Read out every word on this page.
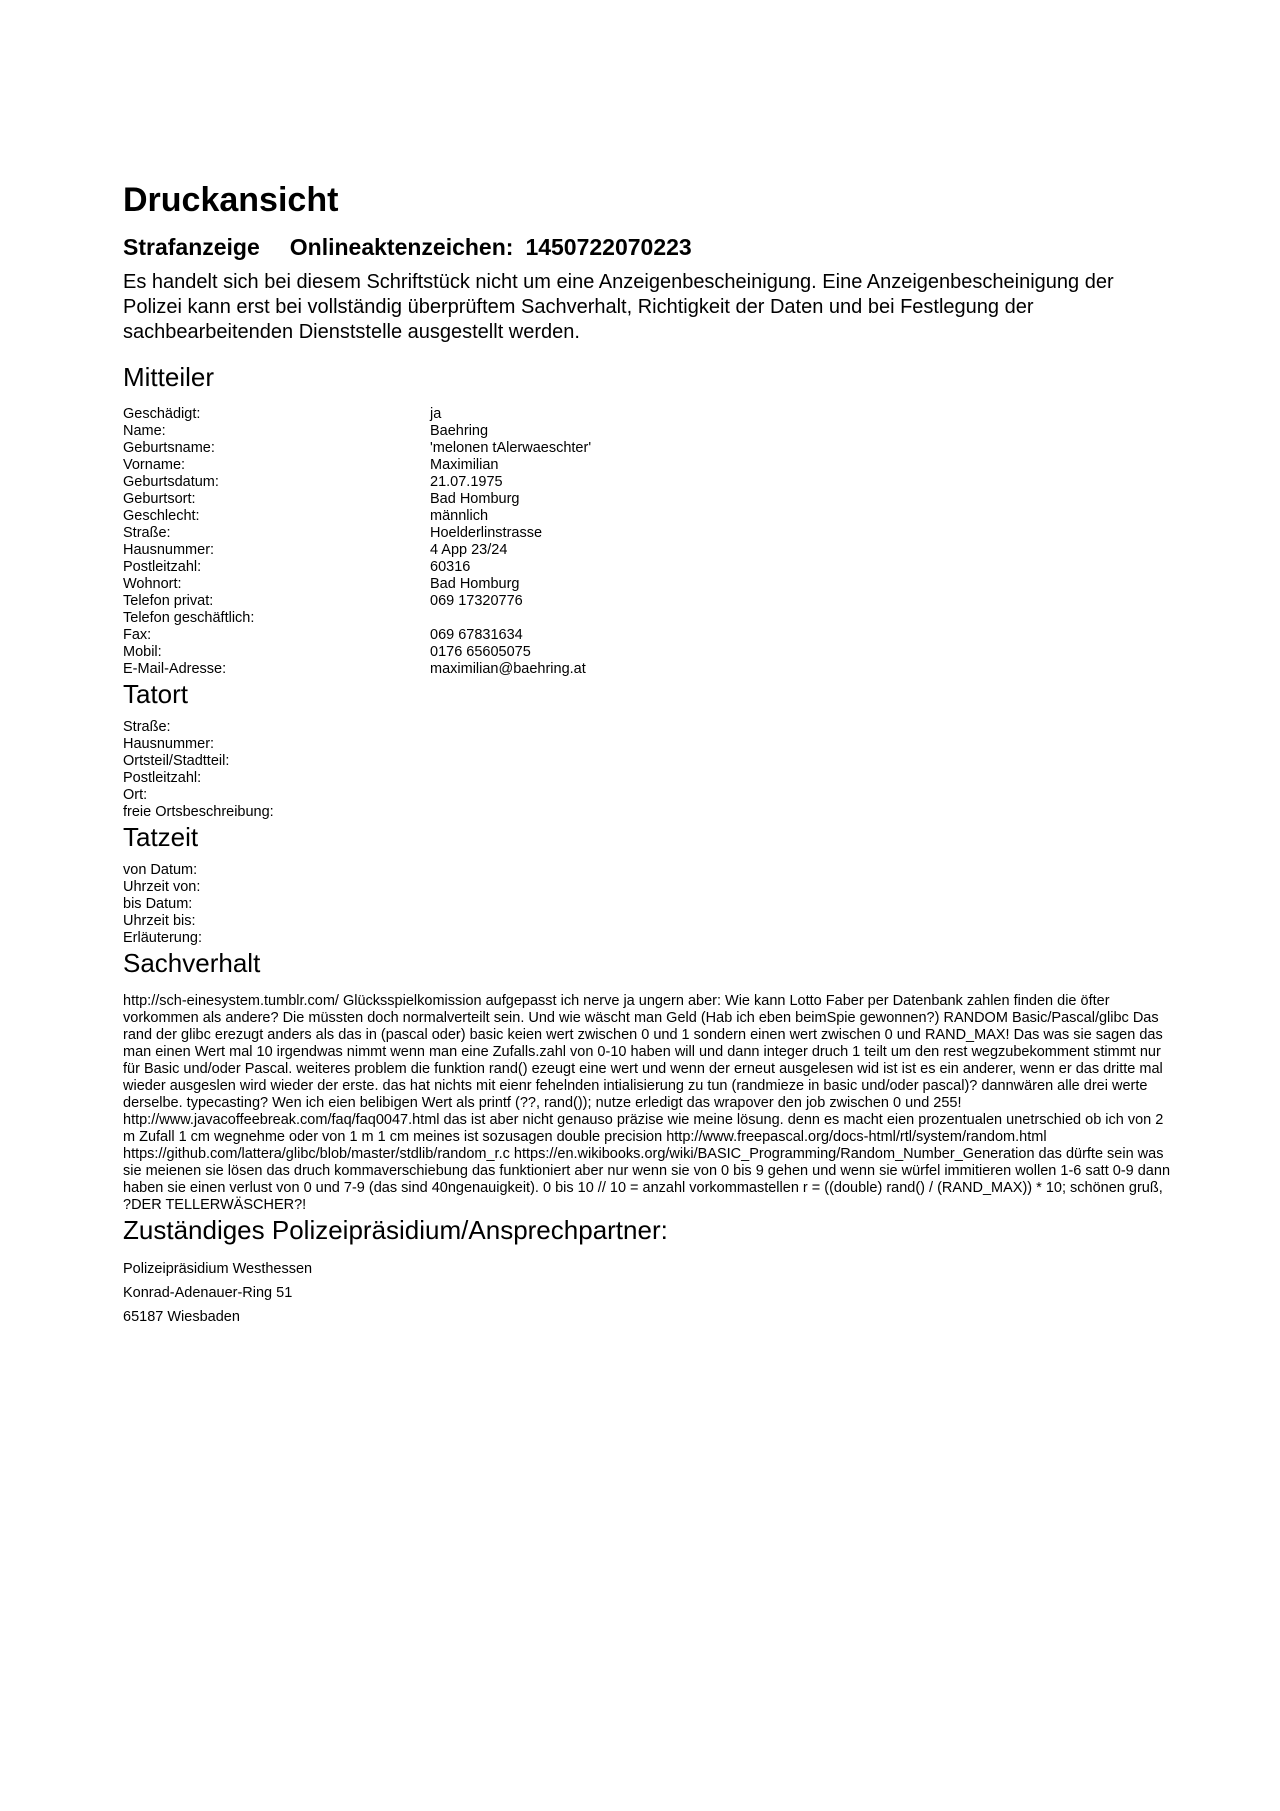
Druckansicht
Strafanzeige Onlineaktenzeichen: 1450722070223
Es handelt sich bei diesem Schriftstück nicht um eine Anzeigenbescheinigung. Eine Anzeigenbescheinigung der Polizei kann erst bei vollständig überprüftem Sachverhalt, Richtigkeit der Daten und bei Festlegung der sachbearbeitenden Dienststelle ausgestellt werden.
Mitteiler
Geschädigt:	ja
Name:	Baehring
Geburtsname:	'melonen tAlerwaeschter'
Vorname:	Maximilian
Geburtsdatum:	21.07.1975
Geburtsort:	Bad Homburg
Geschlecht:	männlich
Straße:	Hoelderlinstrasse
Hausnummer:	4 App 23/24
Postleitzahl:	60316
Wohnort:	Bad Homburg
Telefon privat:	069 17320776
Telefon geschäftlich:
Fax:	069 67831634
Mobil:	0176 65605075
E-Mail-Adresse:	maximilian@baehring.at
Tatort
Straße:
Hausnummer:
Ortsteil/Stadtteil:
Postleitzahl:
Ort:
freie Ortsbeschreibung:
Tatzeit
von Datum:
Uhrzeit von:
bis Datum:
Uhrzeit bis:
Erläuterung:
Sachverhalt

http://sch-einesystem.tumblr.com/ Glücksspielkomission aufgepasst ich nerve ja ungern aber: Wie kann Lotto Faber per Datenbank zahlen finden die öfter vorkommen als andere? Die müssten doch normalverteilt sein. Und wie wäscht man Geld (Hab ich eben beimSpie gewonnen?) RANDOM Basic/Pascal/glibc Das rand der glibc erezugt anders als das in (pascal oder) basic keien wert zwischen 0 und 1 sondern einen wert zwischen 0 und RAND_MAX! Das was sie sagen das man einen Wert mal 10 irgendwas nimmt wenn man eine Zufalls.zahl von 0-10 haben will und dann integer druch 1 teilt um den rest wegzubekomment stimmt nur für Basic und/oder Pascal. weiteres problem die funktion rand() ezeugt eine wert und wenn der erneut ausgelesen wid ist ist es ein anderer, wenn er das dritte mal wieder ausgeslen wird wieder der erste. das hat nichts mit eienr fehelnden intialisierung zu tun (randmieze in basic und/oder pascal)? dannwären alle drei werte derselbe. typecasting? Wen ich eien belibigen Wert als printf (??, rand()); nutze erledigt das wrapover den job zwischen 0 und 255! http://www.javacoffeebreak.com/faq/faq0047.html das ist aber nicht genauso präzise wie meine lösung. denn es macht eien prozentualen unetrschied ob ich von 2 m Zufall 1 cm wegnehme oder von 1 m 1 cm meines ist sozusagen double precision http://www.freepascal.org/docs-html/rtl/system/random.html https://github.com/lattera/glibc/blob/master/stdlib/random_r.c https://en.wikibooks.org/wiki/BASIC_Programming/Random_Number_Generation das dürfte sein was sie meienen sie lösen das druch kommaverschiebung das funktioniert aber nur wenn sie von 0 bis 9 gehen und wenn sie würfel immitieren wollen 1-6 satt 0-9 dann haben sie einen verlust von 0 und 7-9 (das sind 40ngenauigkeit). 0 bis 10 // 10 = anzahl vorkommastellen r = ((double) rand() / (RAND_MAX)) * 10; schönen gruß, ?DER TELLERWÄSCHER?!

Zuständiges Polizeipräsidium/Ansprechpartner:
Polizeipräsidium Westhessen
Konrad-Adenauer-Ring 51
65187 Wiesbaden
